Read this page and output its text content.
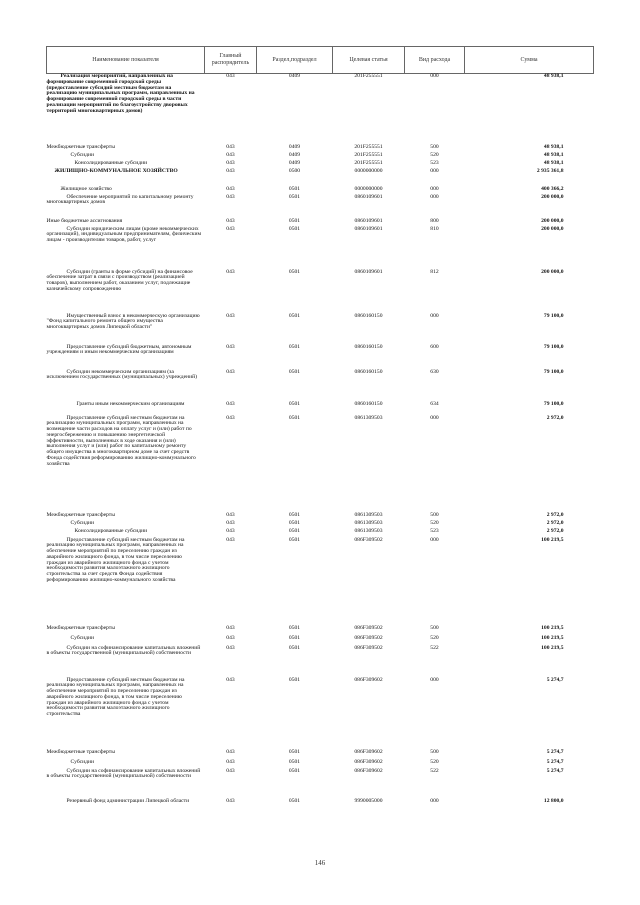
Наименование показателя	Главный распорядитель	Раздел,подраздел	Целевая статья	Вид расхода	Сумма
Реализация мероприятий, направленных на формирование современной городской среды (предоставление субсидий местным бюджетам на реализацию муниципальных программ, направленных на формирование современной городской среды в части реализации мероприятий по благоустройству дворовых территорий многоквартирных домов)	043	0409	201F255551	000	48 938,1
Межбюджетные трансферты	043	0409	201F255551	500	48 938,1
Субсидии	043	0409	201F255551	520	48 938,1
Консолидированные субсидии	043	0409	201F255551	523	48 938,1
ЖИЛИЩНО-КОММУНАЛЬНОЕ ХОЗЯЙСТВО	043	0500	0000000000	000	2 935 361,8
Жилищное хозяйство	043	0501	0000000000	000	400 366,2
Обеспечение мероприятий по капитальному ремонту многоквартирных домов	043	0501	0860109601	000	200 000,0
Иные бюджетные ассигнования	043	0501	0860109601	800	200 000,0
Субсидии юридическим лицам (кроме некоммерческих организаций), индивидуальным предпринимателям, физическим лицам - производителям товаров, работ, услуг	043	0501	0860109601	810	200 000,0
Субсидии (гранты в форме субсидий) на финансовое обеспечение затрат в связи с производством (реализацией товаров), выполнением работ, оказанием услуг, подлежащие казначейскому сопровождению	043	0501	0860109601	812	200 000,0
Имущественный взнос в некоммерческую организацию "Фонд капитального ремонта общего имущества многоквартирных домов Липецкой области"	043	0501	0860160150	000	79 100,0
Предоставление субсидий бюджетным, автономным учреждениям и иным некоммерческим организациям	043	0501	0860160150	600	79 100,0
Субсидии некоммерческим организациям (за исключением государственных (муниципальных) учреждений)	043	0501	0860160150	630	79 100,0
Гранты иным некоммерческим организациям	043	0501	0860160150	634	79 100,0
Предоставление субсидий местным бюджетам на реализацию муниципальных программ, направленных на возмещение части расходов на оплату услуг и (или) работ по энергосбережению и повышению энергетической эффективности, выполненных в ходе оказания и (или) выполнения услуг и (или) работ по капитальному ремонту общего имущества в многоквартирном доме за счет средств Фонда содействия реформированию жилищно-коммунального хозяйства	043	0501	0861309503	000	2 972,0
Межбюджетные трансферты	043	0501	0861309503	500	2 972,0
Субсидии	043	0501	0861309503	520	2 972,0
Консолидированные субсидии	043	0501	0861309503	523	2 972,0
Предоставление субсидий местным бюджетам на реализацию муниципальных программ, направленных на обеспечение мероприятий по переселению граждан из аварийного жилищного фонда, в том числе переселению граждан из аварийного жилищного фонда с учетом необходимости развития малоэтажного жилищного строительства за счет средств Фонда содействия реформированию жилищно-коммунального хозяйства	043	0501	086F309502	000	100 219,5
Межбюджетные трансферты	043	0501	086F309502	500	100 219,5
Субсидии	043	0501	086F309502	520	100 219,5
Субсидии на софинансирование капитальных вложений в объекты государственной (муниципальной) собственности	043	0501	086F309502	522	100 219,5
Предоставление субсидий местным бюджетам на реализацию муниципальных программ, направленных на обеспечение мероприятий по переселению граждан из аварийного жилищного фонда, в том числе переселению граждан из аварийного жилищного фонда с учетом необходимости развития малоэтажного жилищного строительства	043	0501	086F309602	000	5 274,7
Межбюджетные трансферты	043	0501	086F309602	500	5 274,7
Субсидии	043	0501	086F309602	520	5 274,7
Субсидии на софинансирование капитальных вложений в объекты государственной (муниципальной) собственности	043	0501	086F309602	522	5 274,7
Резервный фонд администрации Липецкой области	043	0501	9990005000	000	12 800,0
146
